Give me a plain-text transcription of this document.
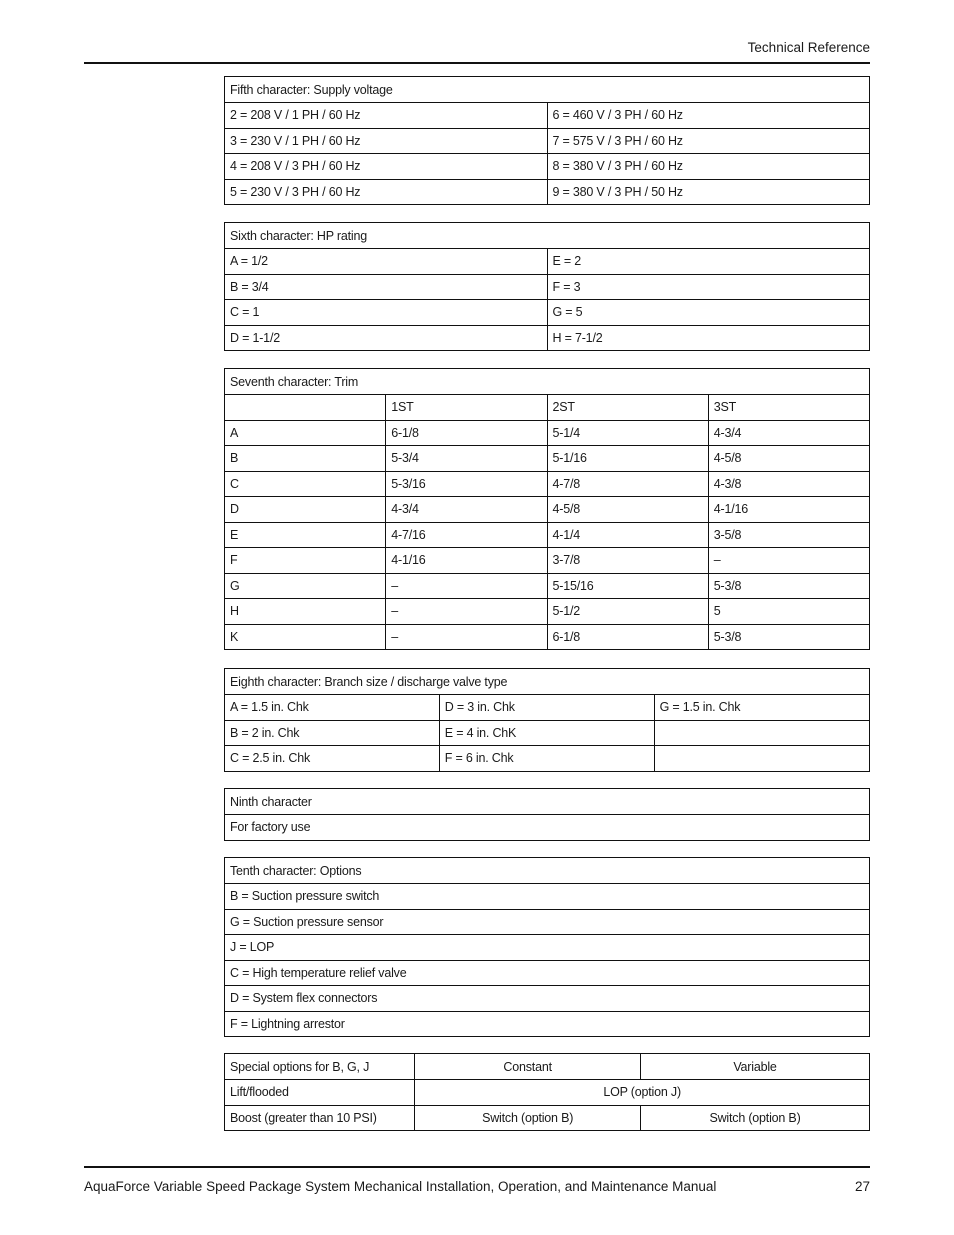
Technical Reference
Fifth character: Supply voltage	
2 = 208 V / 1 PH / 60 Hz	6 = 460 V / 3 PH / 60 Hz
3 = 230 V / 1 PH / 60 Hz	7 = 575 V / 3 PH / 60 Hz
4 = 208 V / 3 PH / 60 Hz	8 = 380 V / 3 PH / 60 Hz
5 = 230 V / 3 PH / 60 Hz	9 = 380 V / 3 PH / 50 Hz
Sixth character: HP rating	
A = 1/2	E = 2
B = 3/4	F = 3
C = 1	G = 5
D = 1-1/2	H = 7-1/2
Seventh character: Trim			
	1ST	2ST	3ST
A	6-1/8	5-1/4	4-3/4
B	5-3/4	5-1/16	4-5/8
C	5-3/16	4-7/8	4-3/8
D	4-3/4	4-5/8	4-1/16
E	4-7/16	4-1/4	3-5/8
F	4-1/16	3-7/8	–
G	–	5-15/16	5-3/8
H	–	5-1/2	5
K	–	6-1/8	5-3/8
Eighth character: Branch size / discharge valve type		
A = 1.5 in. Chk	D = 3 in. Chk	G = 1.5 in. Chk
B = 2 in. Chk	E = 4 in. ChK	
C = 2.5 in. Chk	F = 6 in. Chk	
Ninth character
For factory use
Tenth character: Options
B = Suction pressure switch
G = Suction pressure sensor
J = LOP
C = High temperature relief valve
D = System flex connectors
F = Lightning arrestor
Special options for B, G, J	Constant	Variable
Lift/flooded	LOP (option J)	
Boost (greater than 10 PSI)	Switch (option B)	Switch (option B)
AquaForce Variable Speed Package System Mechanical Installation, Operation, and Maintenance Manual	27
